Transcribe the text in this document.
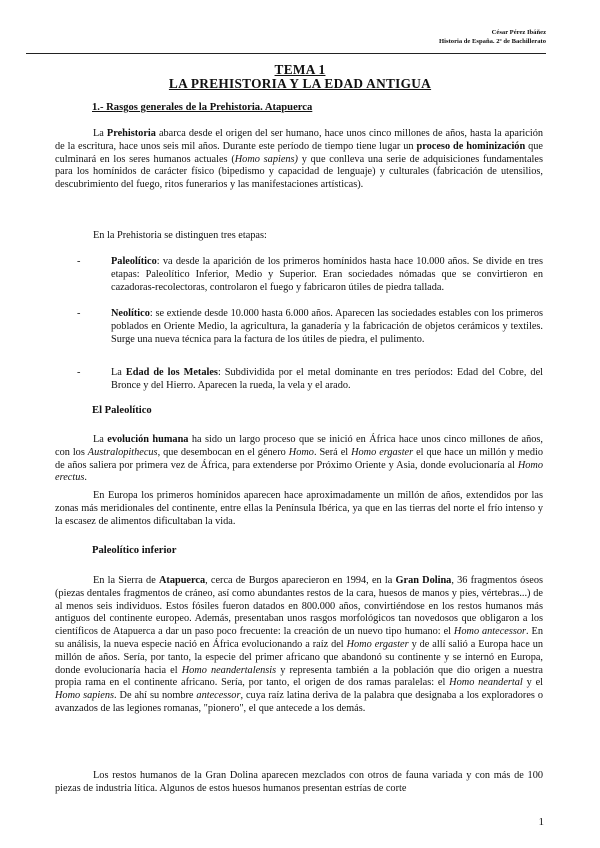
César Pérez Ibáñez
Historia de España. 2º de Bachillerato
TEMA 1
LA PREHISTORIA Y LA EDAD ANTIGUA
1.- Rasgos generales de la Prehistoria. Atapuerca
La Prehistoria abarca desde el origen del ser humano, hace unos cinco millones de años, hasta la aparición de la escritura, hace unos seis mil años. Durante este período de tiempo tiene lugar un proceso de hominización que culminará en los seres humanos actuales (Homo sapiens) y que conlleva una serie de adquisiciones fundamentales para los homínidos de carácter físico (bipedismo y capacidad de lenguaje) y culturales (fabricación de utensilios, descubrimiento del fuego, ritos funerarios y las manifestaciones artísticas).
En la Prehistoria se distinguen tres etapas:
-	Paleolítico: va desde la aparición de los primeros homínidos hasta hace 10.000 años. Se divide en tres etapas: Paleolítico Inferior, Medio y Superior. Eran sociedades nómadas que se convirtieron en cazadoras-recolectoras, controlaron el fuego y fabricaron útiles de piedra tallada.
-	Neolítico: se extiende desde 10.000 hasta 6.000 años. Aparecen las sociedades estables con los primeros poblados en Oriente Medio, la agricultura, la ganadería y la fabricación de objetos cerámicos y textiles. Surge una nueva técnica para la factura de los útiles de piedra, el pulimento.
-	La Edad de los Metales: Subdividida por el metal dominante en tres períodos: Edad del Cobre, del Bronce y del Hierro. Aparecen la rueda, la vela y el arado.
El Paleolítico
La evolución humana ha sido un largo proceso que se inició en África hace unos cinco millones de años, con los Australopithecus, que desembocan en el género Homo. Será el Homo ergaster el que hace un millón y medio de años saliera por primera vez de África, para extenderse por Próximo Oriente y Asia, donde evolucionaría al Homo erectus.
En Europa los primeros homínidos aparecen hace aproximadamente un millón de años, extendidos por las zonas más meridionales del continente, entre ellas la Península Ibérica, ya que en las tierras del norte el frío intenso y la escasez de alimentos dificultaban la vida.
Paleolítico inferior
En la Sierra de Atapuerca, cerca de Burgos aparecieron en 1994, en la Gran Dolina, 36 fragmentos óseos (piezas dentales fragmentos de cráneo, así como abundantes restos de la cara, huesos de manos y pies, vértebras...) de al menos seis individuos. Estos fósiles fueron datados en 800.000 años, convirtiéndose en los restos humanos más antiguos del continente europeo. Además, presentaban unos rasgos morfológicos tan novedosos que obligaron a los científicos de Atapuerca a dar un paso poco frecuente: la creación de un nuevo tipo humano: el Homo antecessor. En su análisis, la nueva especie nació en África evolucionando a raíz del Homo ergaster y de allí salió a Europa hace un millón de años. Sería, por tanto, la especie del primer africano que abandonó su continente y se internó en Europa, donde evolucionaría hacia el Homo neandertalensis y representa también a la población que dio origen a nuestra propia rama en el continente africano. Sería, por tanto, el origen de dos ramas paralelas: el Homo neandertal y el Homo sapiens. De ahí su nombre antecessor, cuya raíz latina deriva de la palabra que designaba a los exploradores o avanzados de las legiones romanas, "pionero", el que antecede a los demás.
Los restos humanos de la Gran Dolina aparecen mezclados con otros de fauna variada y con más de 100 piezas de industria lítica. Algunos de estos huesos humanos presentan estrías de corte
1
